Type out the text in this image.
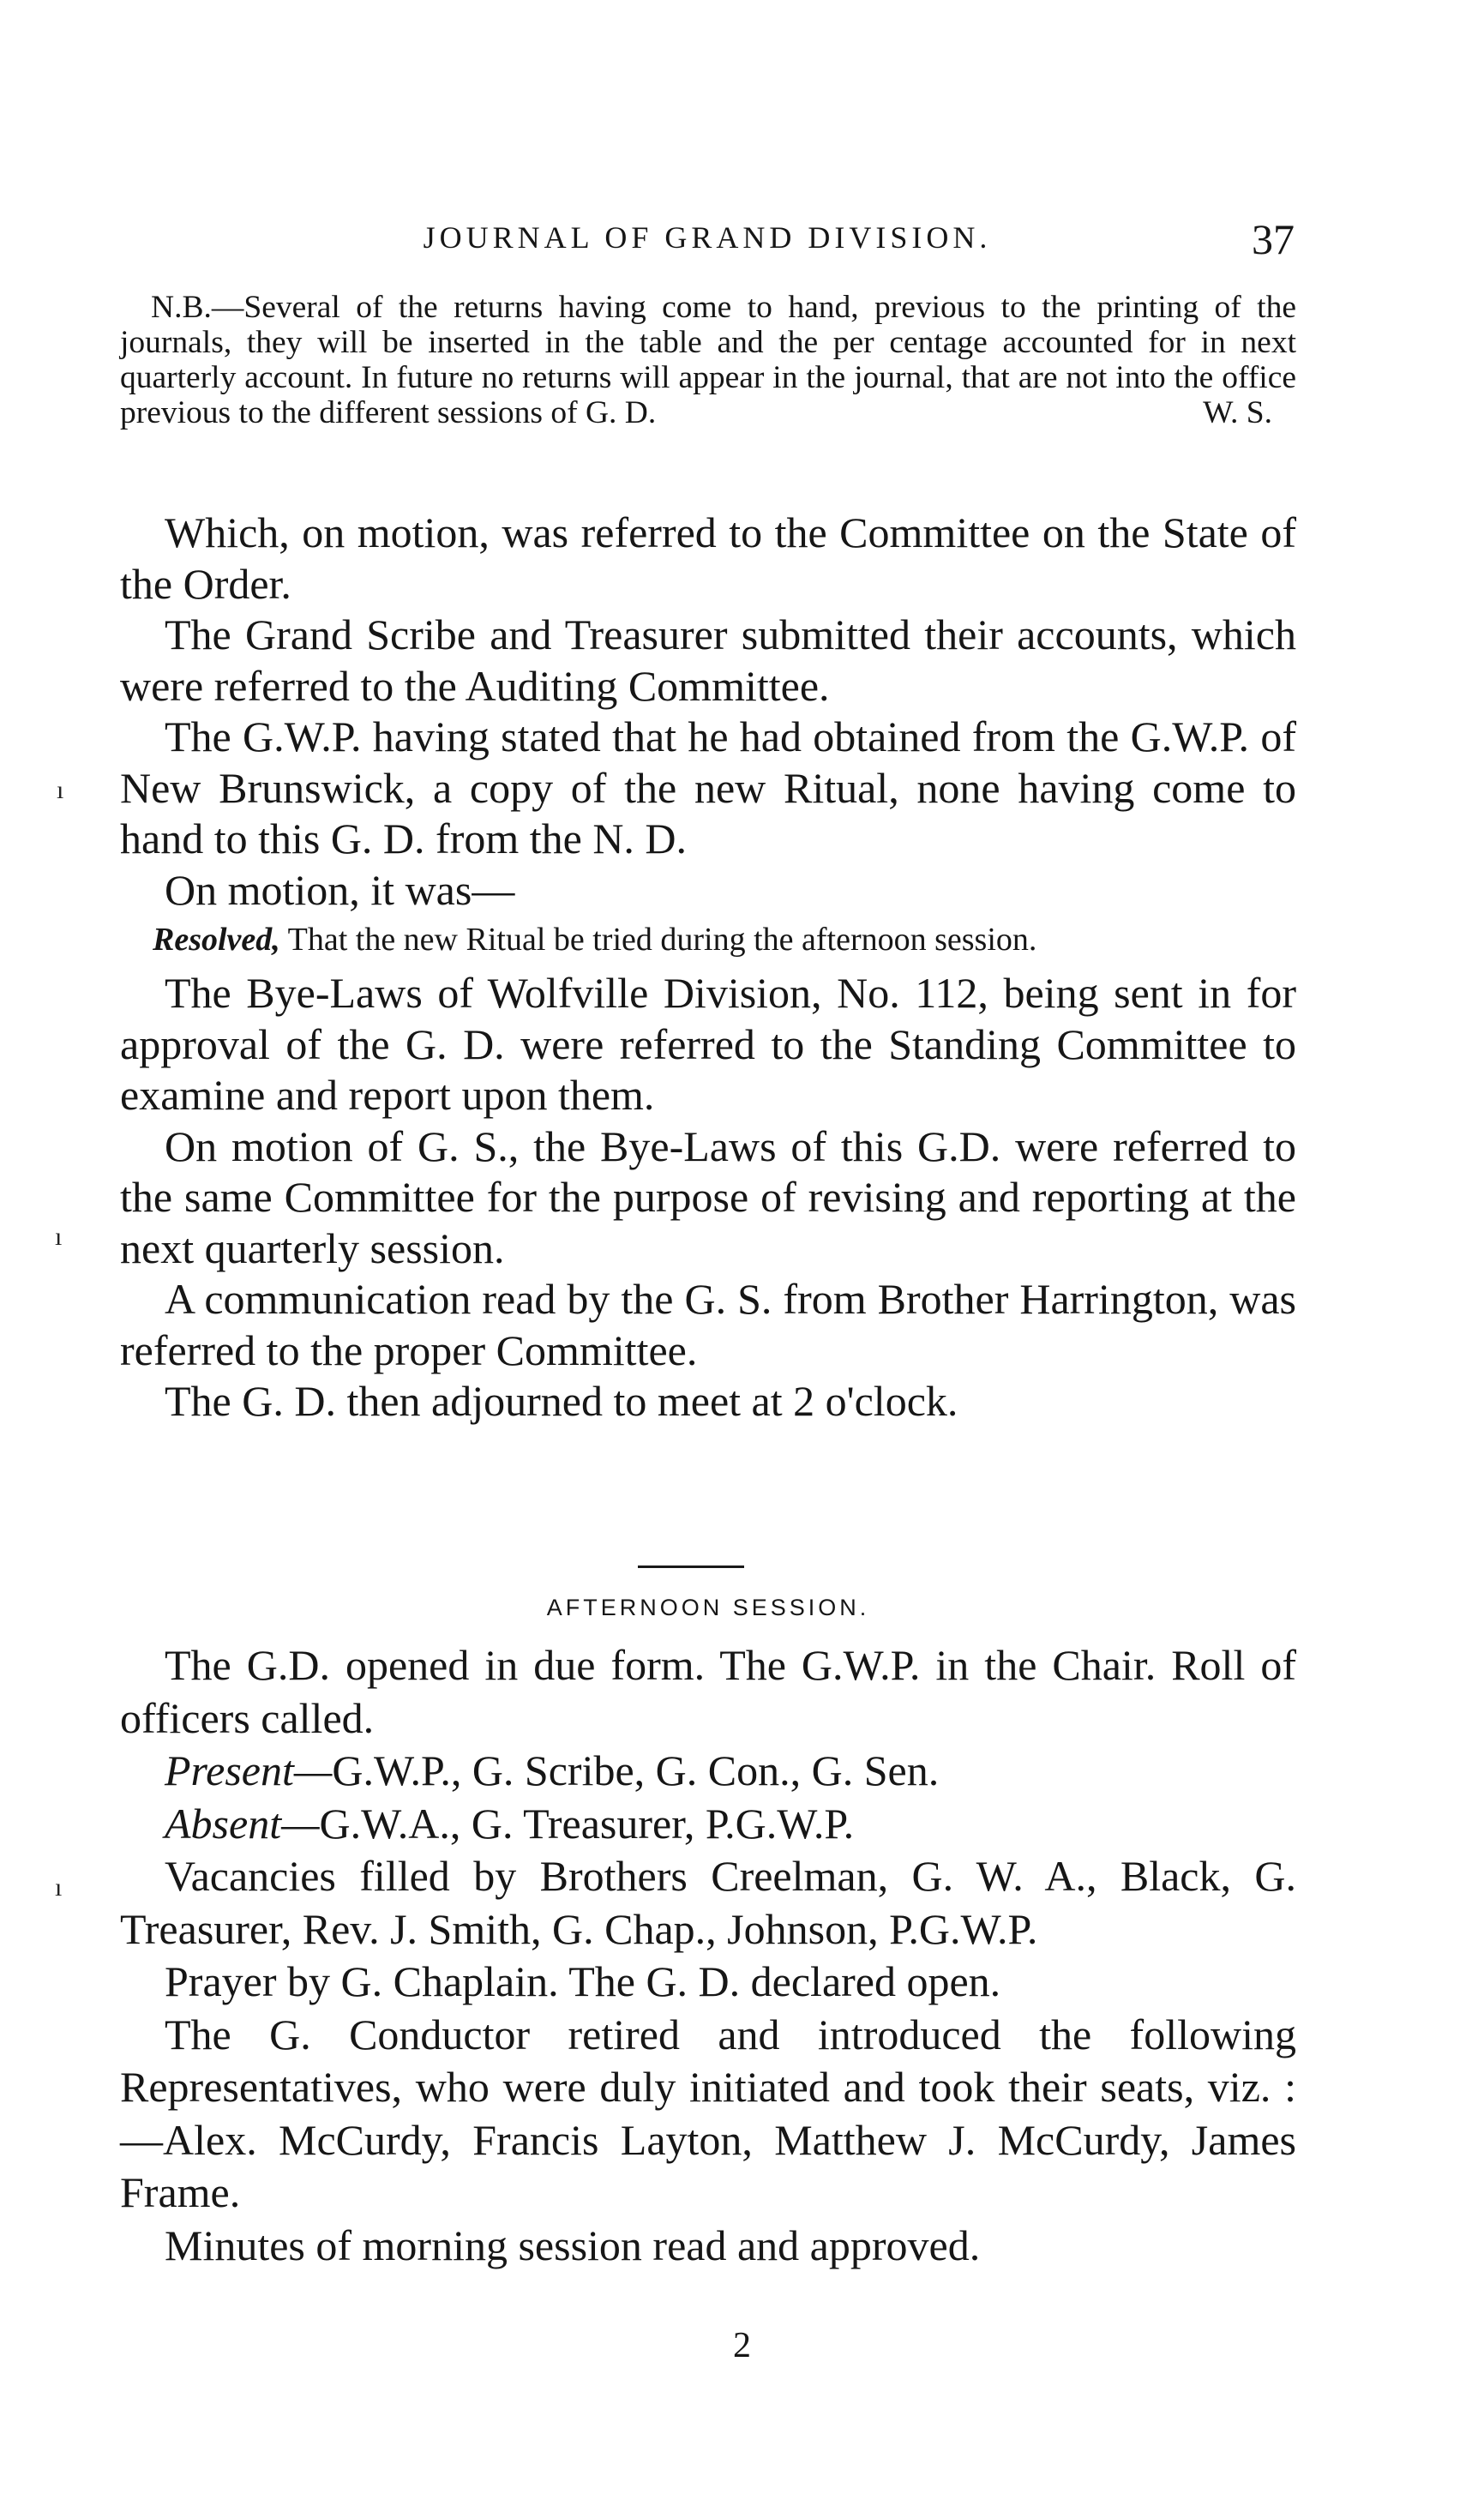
JOURNAL OF GRAND DIVISION.	37
N.B.—Several of the returns having come to hand, previous to the printing of the journals, they will be inserted in the table and the per centage accounted for in next quarterly account. In future no returns will appear in the journal, that are not into the office previous to the different sessions of G. D.	W. S.

Which, on motion, was referred to the Committee on the State of the Order.

The Grand Scribe and Treasurer submitted their accounts, which were referred to the Auditing Committee.

The G.W.P. having stated that he had obtained from the G.W.P. of New Brunswick, a copy of the new Ritual, none having come to hand to this G. D. from the N. D.

On motion, it was—

Resolved, That the new Ritual be tried during the afternoon session.

The Bye-Laws of Wolfville Division, No. 112, being sent in for approval of the G. D. were referred to the Standing Committee to examine and report upon them.

On motion of G. S., the Bye-Laws of this G.D. were referred to the same Committee for the purpose of revising and reporting at the next quarterly session.

A communication read by the G. S. from Brother Harrington, was referred to the proper Committee.

The G. D. then adjourned to meet at 2 o'clock.

AFTERNOON SESSION.

The G.D. opened in due form. The G.W.P. in the Chair. Roll of officers called.

Present—G.W.P., G. Scribe, G. Con., G. Sen.

Absent—G.W.A., G. Treasurer, P.G.W.P.

Vacancies filled by Brothers Creelman, G. W. A., Black, G. Treasurer, Rev. J. Smith, G. Chap., Johnson, P.G.W.P.

Prayer by G. Chaplain. The G. D. declared open.

The G. Conductor retired and introduced the following Representatives, who were duly initiated and took their seats, viz. :—Alex. McCurdy, Francis Layton, Matthew J. McCurdy, James Frame.

Minutes of morning session read and approved.

2
ı
ı
ı
